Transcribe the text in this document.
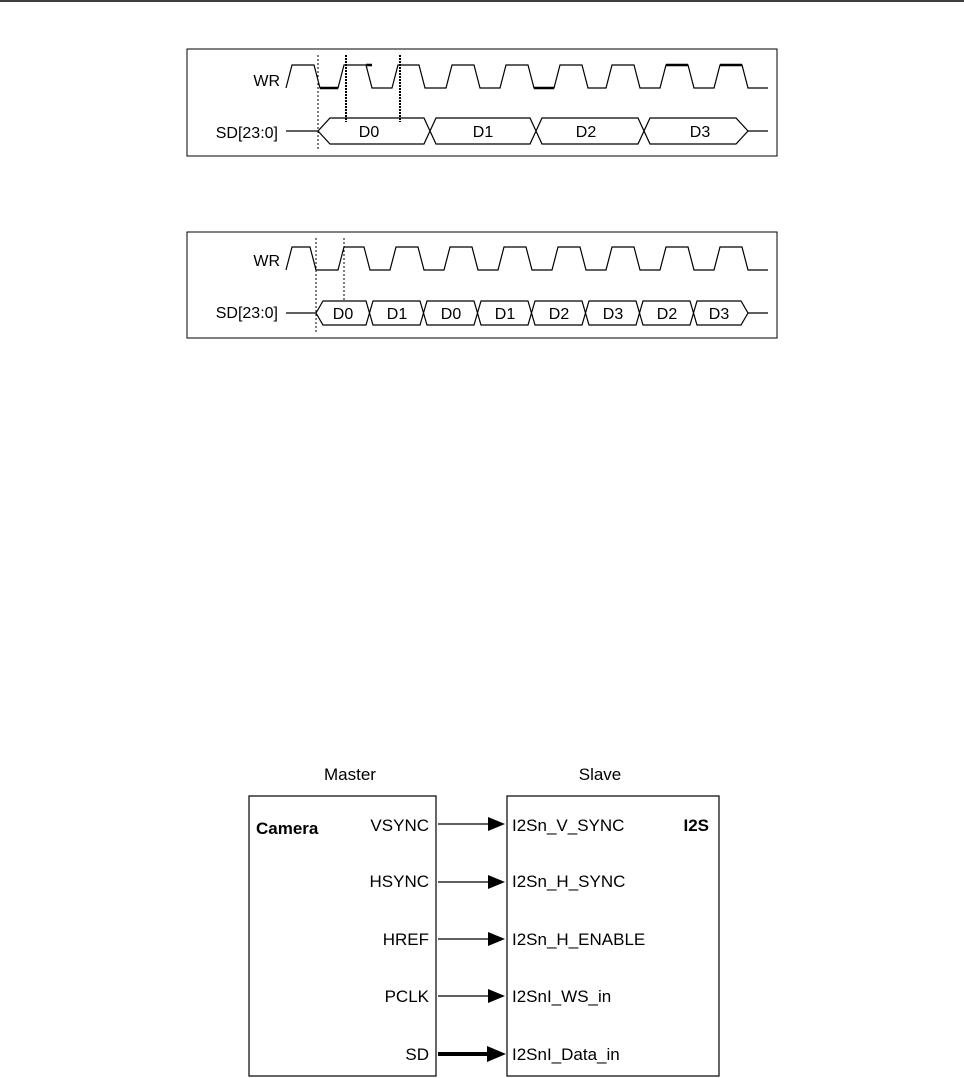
WR
SD[23:0]	D0	D1	D2	D3
WR
SD[23:0]	D0 D1 D0 D1 D2 D3 D2 D3
Master	Slave
Camera	I2S
VSYNC
HSYNC
HREF
PCLK
SD
I2Sn_V_SYNC
I2Sn_H_SYNC
I2Sn_H_ENABLE
I2SnI_WS_in
I2SnI_Data_in
